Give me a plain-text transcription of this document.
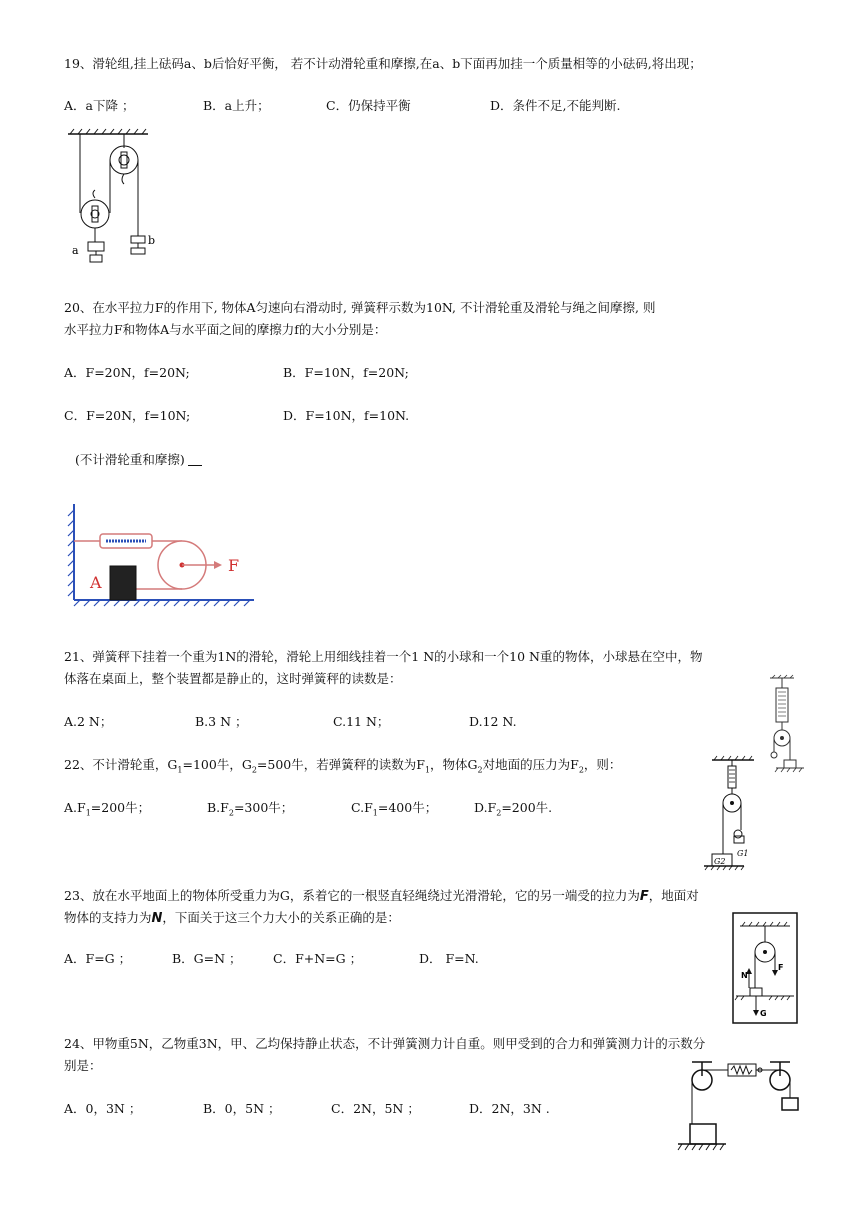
19、滑轮组,挂上砝码a、b后恰好平衡， 若不计动滑轮重和摩擦,在a、b下面再加挂一个质量相等的小砝码,将出现；
A．a下降 ；	B．a上升；	C．仍保持平衡	D．条件不足,不能判断.
a
b
20、在水平拉力F的作用下, 物体A匀速向右滑动时, 弹簧秤示数为10N, 不计滑轮重及滑轮与绳之间摩擦, 则
水平拉力F和物体A与水平面之间的摩擦力f的大小分别是：
A．F=20N，f=20N;	B．F=10N，f=20N;
C．F=20N，f=10N;	D．F=10N，f=10N.
(不计滑轮重和摩擦)
A
F
21、弹簧秤下挂着一个重为1N的滑轮，滑轮上用细线挂着一个1 N的小球和一个10 N重的物体，小球悬在空中，物
体落在桌面上，整个装置都是静止的，这时弹簧秤的读数是：
A.2 N；	B.3 N ；	C.11 N；	D.12 N.
22、不计滑轮重，$G_1=100$牛，$G_2=500$牛，若弹簧秤的读数为$F_1$，物体$G_2$对地面的压力为$F_2$，则：
$A.F_1=200$牛；	$B.F_2=300$牛；	$C.F_1=400$牛；	$D.F_2=200$牛.
G1
G2
23、放在水平地面上的物体所受重力为G，系着它的一根竖直轻绳绕过光滑滑轮，它的另一端受的拉力为F，地面对
物体的支持力为N，下面关于这三个力大小的关系正确的是：
A．F=G ；	B．G=N ；	C．F+N=G ；	D． F=N.
F
N
G
24、甲物重5N，乙物重3N，甲、乙均保持静止状态，不计弹簧测力计自重。则甲受到的合力和弹簧测力计的示数分
别是：
A．0，3N ；	B．0，5N ；	C．2N，5N ；	D．2N，3N .
